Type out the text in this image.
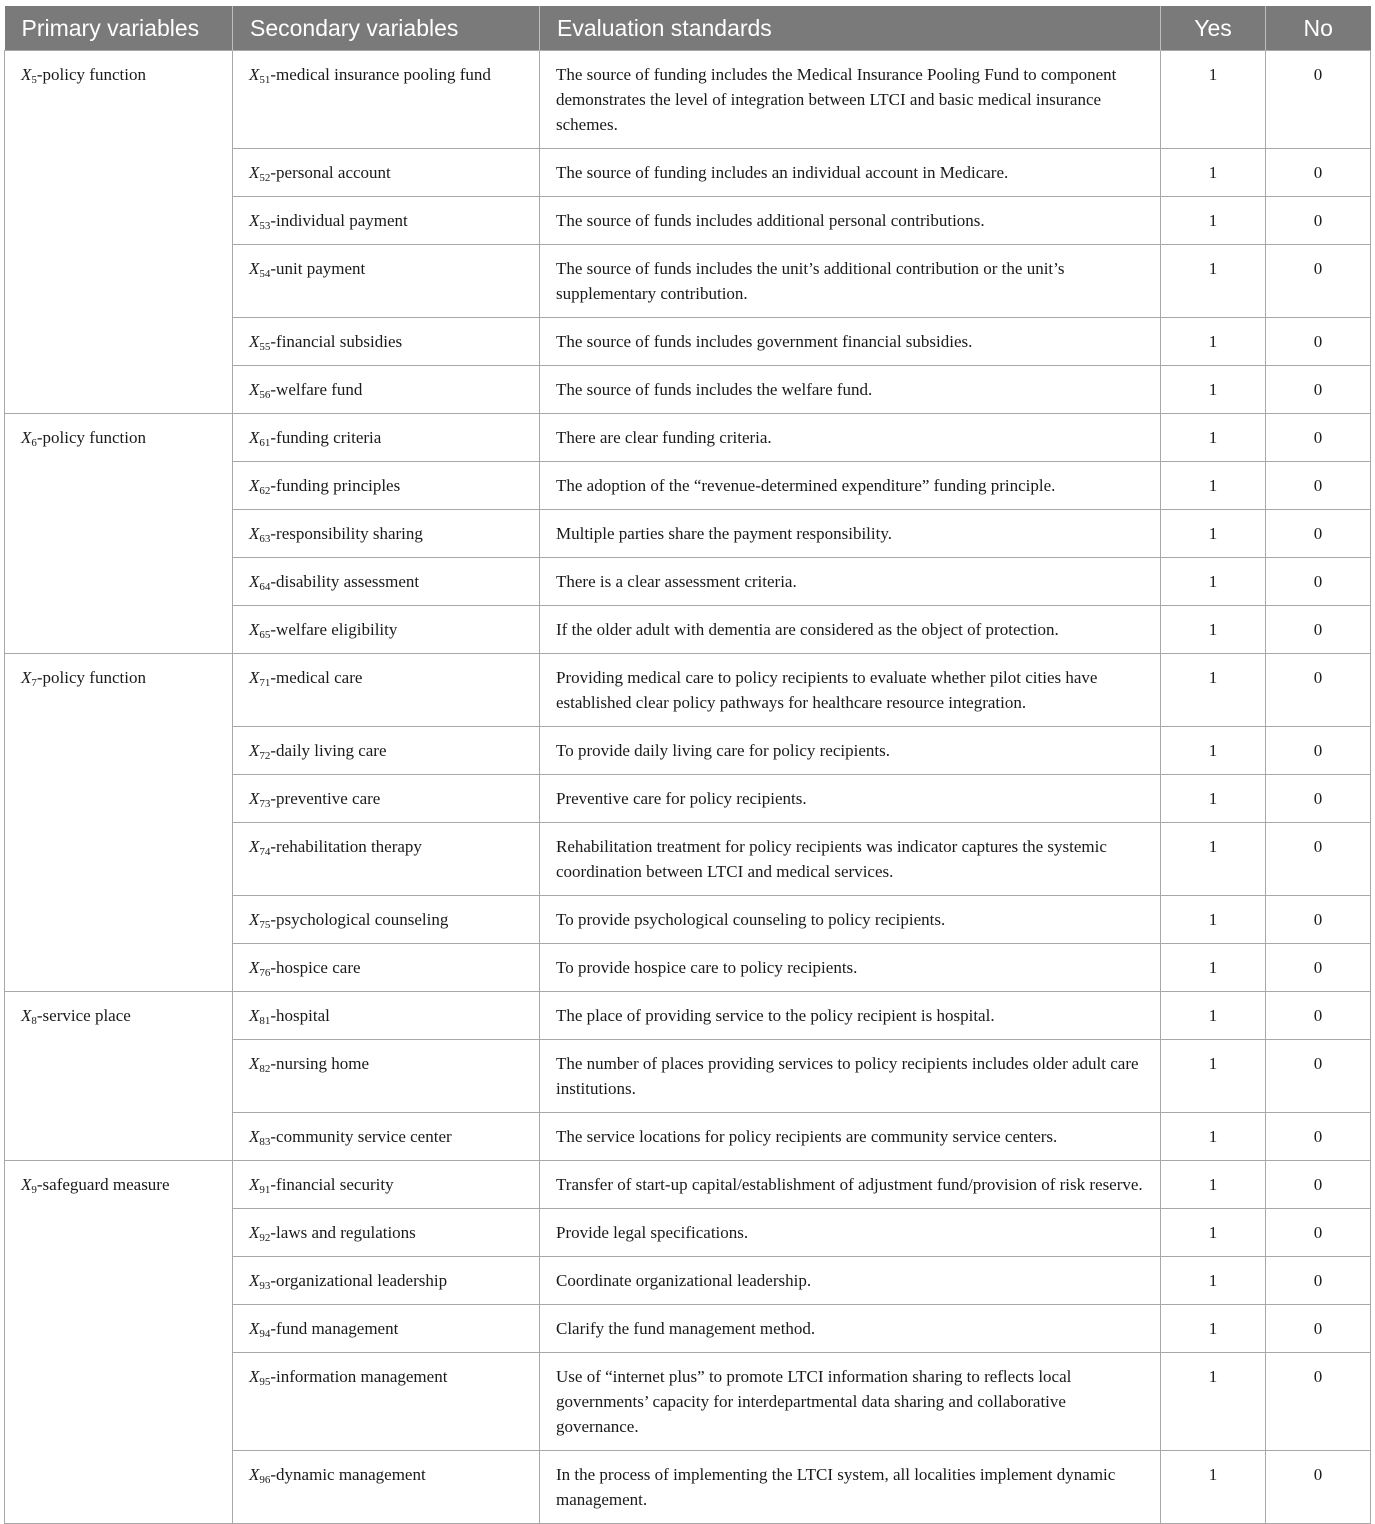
Primary variables	Secondary variables	Evaluation standards	Yes	No
$X_5$-policy function	$X_{51}$-medical insurance pooling fund	The source of funding includes the Medical Insurance Pooling Fund to component demonstrates the level of integration between LTCI and basic medical insurance schemes.	1	0
	$X_{52}$-personal account	The source of funding includes an individual account in Medicare.	1	0
	$X_{53}$-individual payment	The source of funds includes additional personal contributions.	1	0
	$X_{54}$-unit payment	The source of funds includes the unit’s additional contribution or the unit’s supplementary contribution.	1	0
	$X_{55}$-financial subsidies	The source of funds includes government financial subsidies.	1	0
	$X_{56}$-welfare fund	The source of funds includes the welfare fund.	1	0
$X_6$-policy function	$X_{61}$-funding criteria	There are clear funding criteria.	1	0
	$X_{62}$-funding principles	The adoption of the “revenue-determined expenditure” funding principle.	1	0
	$X_{63}$-responsibility sharing	Multiple parties share the payment responsibility.	1	0
	$X_{64}$-disability assessment	There is a clear assessment criteria.	1	0
	$X_{65}$-welfare eligibility	If the older adult with dementia are considered as the object of protection.	1	0
$X_7$-policy function	$X_{71}$-medical care	Providing medical care to policy recipients to evaluate whether pilot cities have established clear policy pathways for healthcare resource integration.	1	0
	$X_{72}$-daily living care	To provide daily living care for policy recipients.	1	0
	$X_{73}$-preventive care	Preventive care for policy recipients.	1	0
	$X_{74}$-rehabilitation therapy	Rehabilitation treatment for policy recipients was indicator captures the systemic coordination between LTCI and medical services.	1	0
	$X_{75}$-psychological counseling	To provide psychological counseling to policy recipients.	1	0
	$X_{76}$-hospice care	To provide hospice care to policy recipients.	1	0
$X_8$-service place	$X_{81}$-hospital	The place of providing service to the policy recipient is hospital.	1	0
	$X_{82}$-nursing home	The number of places providing services to policy recipients includes older adult care institutions.	1	0
	$X_{83}$-community service center	The service locations for policy recipients are community service centers.	1	0
$X_9$-safeguard measure	$X_{91}$-financial security	Transfer of start-up capital/establishment of adjustment fund/provision of risk reserve.	1	0
	$X_{92}$-laws and regulations	Provide legal specifications.	1	0
	$X_{93}$-organizational leadership	Coordinate organizational leadership.	1	0
	$X_{94}$-fund management	Clarify the fund management method.	1	0
	$X_{95}$-information management	Use of “internet plus” to promote LTCI information sharing to reflects local governments’ capacity for interdepartmental data sharing and collaborative governance.	1	0
	$X_{96}$-dynamic management	In the process of implementing the LTCI system, all localities implement dynamic management.	1	0
